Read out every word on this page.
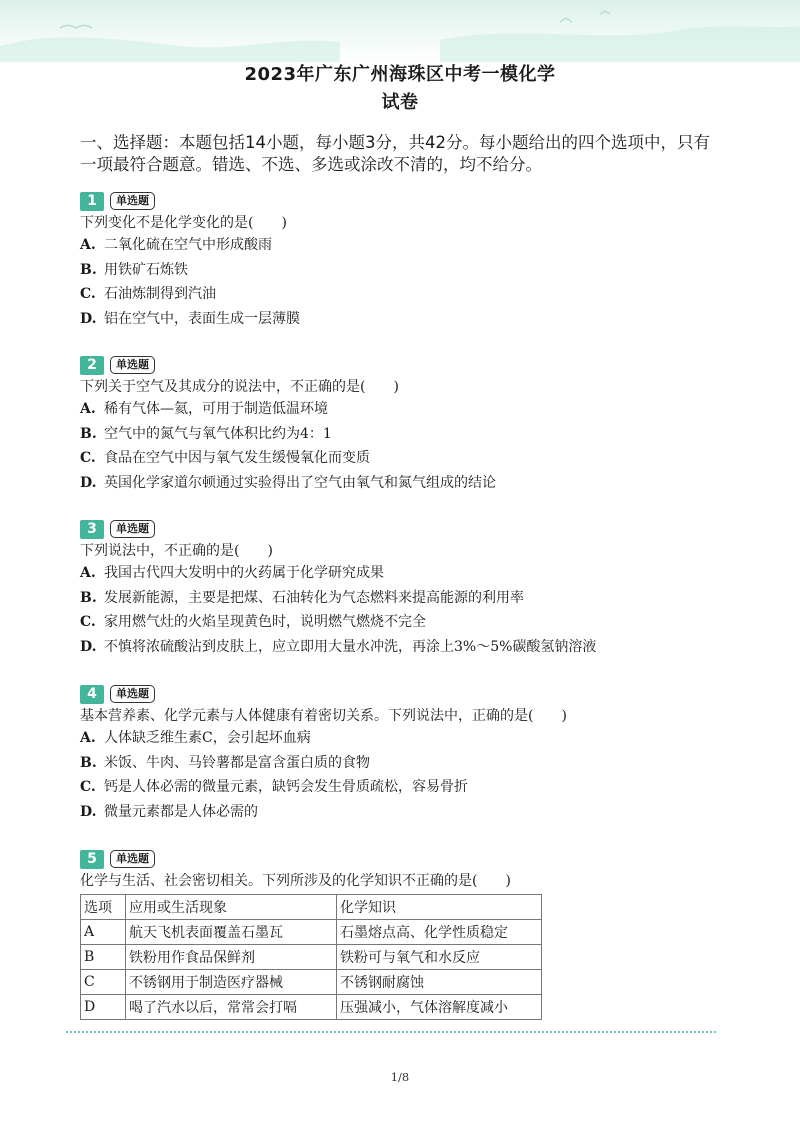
2023年广东广州海珠区中考一模化学
试卷
一、选择题：本题包括14小题，每小题3分，共42分。每小题给出的四个选项中，只有一项最符合题意。错选、不选、多选或涂改不清的，均不给分。
1	单选题
下列变化不是化学变化的是(　　)
A. 二氧化硫在空气中形成酸雨
B. 用铁矿石炼铁
C. 石油炼制得到汽油
D. 铝在空气中，表面生成一层薄膜
2	单选题
下列关于空气及其成分的说法中，不正确的是(　　)
A. 稀有气体—氦，可用于制造低温环境
B. 空气中的氮气与氧气体积比约为4：1
C. 食品在空气中因与氧气发生缓慢氧化而变质
D. 英国化学家道尔顿通过实验得出了空气由氧气和氮气组成的结论
3	单选题
下列说法中，不正确的是(　　)
A. 我国古代四大发明中的火药属于化学研究成果
B. 发展新能源，主要是把煤、石油转化为气态燃料来提高能源的利用率
C. 家用燃气灶的火焰呈现黄色时，说明燃气燃烧不完全
D. 不慎将浓硫酸沾到皮肤上，应立即用大量水冲洗，再涂上3%～5%碳酸氢钠溶液
4	单选题
基本营养素、化学元素与人体健康有着密切关系。下列说法中，正确的是(　　)
A. 人体缺乏维生素C，会引起坏血病
B. 米饭、牛肉、马铃薯都是富含蛋白质的食物
C. 钙是人体必需的微量元素，缺钙会发生骨质疏松，容易骨折
D. 微量元素都是人体必需的
5	单选题
化学与生活、社会密切相关。下列所涉及的化学知识不正确的是(　　)
选项	应用或生活现象	化学知识
A	航天飞机表面覆盖石墨瓦	石墨熔点高、化学性质稳定
B	铁粉用作食品保鲜剂	铁粉可与氧气和水反应
C	不锈钢用于制造医疗器械	不锈钢耐腐蚀
D	喝了汽水以后，常常会打嗝	压强减小，气体溶解度减小
1/8
